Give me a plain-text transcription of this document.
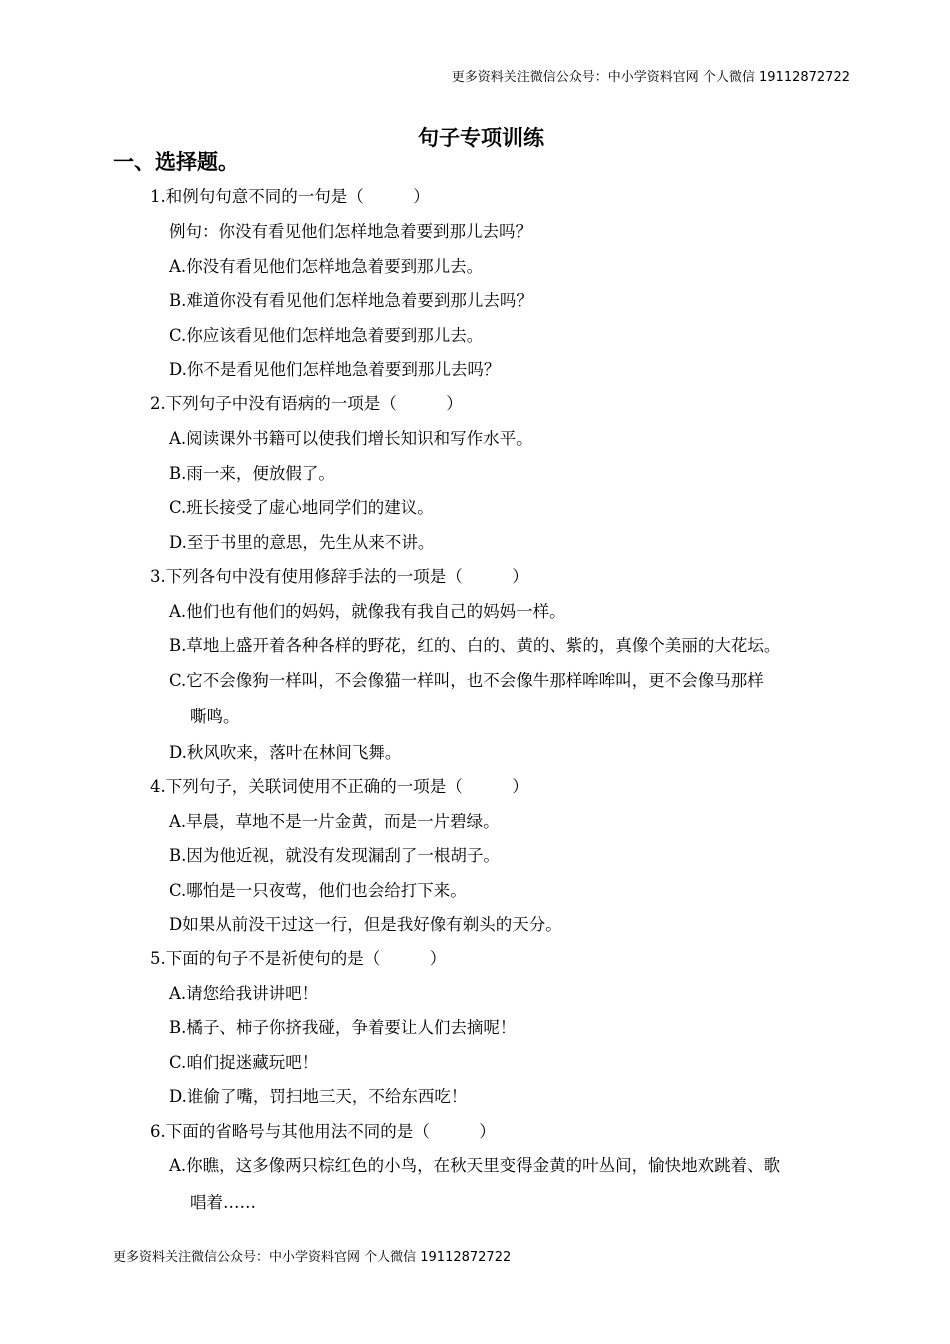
更多资料关注微信公众号：中小学资料官网 个人微信 19112872722
句子专项训练
一、选择题。
1.和例句句意不同的一句是（　　　）
例句：你没有看见他们怎样地急着要到那儿去吗？
A.你没有看见他们怎样地急着要到那儿去。
B.难道你没有看见他们怎样地急着要到那儿去吗？
C.你应该看见他们怎样地急着要到那儿去。
D.你不是看见他们怎样地急着要到那儿去吗？
2.下列句子中没有语病的一项是（　　　）
A.阅读课外书籍可以使我们增长知识和写作水平。
B.雨一来，便放假了。
C.班长接受了虚心地同学们的建议。
D.至于书里的意思，先生从来不讲。
3.下列各句中没有使用修辞手法的一项是（　　　）
A.他们也有他们的妈妈，就像我有我自己的妈妈一样。
B.草地上盛开着各种各样的野花，红的、白的、黄的、紫的，真像个美丽的大花坛。
C.它不会像狗一样叫，不会像猫一样叫，也不会像牛那样哞哞叫，更不会像马那样
嘶鸣。
D.秋风吹来，落叶在林间飞舞。
4.下列句子，关联词使用不正确的一项是（　　　）
A.早晨，草地不是一片金黄，而是一片碧绿。
B.因为他近视，就没有发现漏刮了一根胡子。
C.哪怕是一只夜莺，他们也会给打下来。
D如果从前没干过这一行，但是我好像有剃头的天分。
5.下面的句子不是祈使句的是（　　　）
A.请您给我讲讲吧！
B.橘子、柿子你挤我碰，争着要让人们去摘呢！
C.咱们捉迷藏玩吧！
D.谁偷了嘴，罚扫地三天，不给东西吃！
6.下面的省略号与其他用法不同的是（　　　）
A.你瞧，这多像两只棕红色的小鸟，在秋天里变得金黄的叶丛间，愉快地欢跳着、歌
唱着……
更多资料关注微信公众号：中小学资料官网 个人微信 19112872722
